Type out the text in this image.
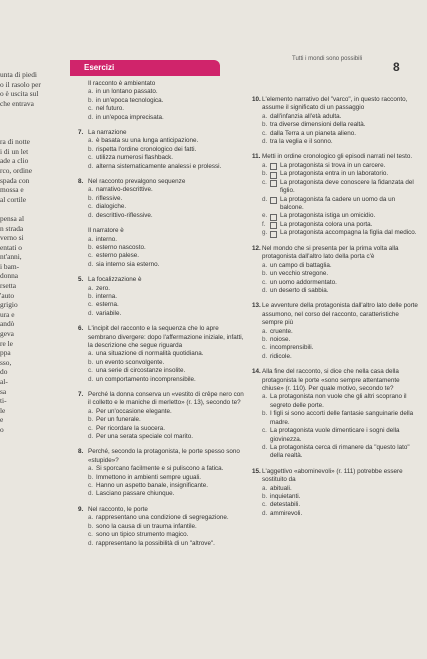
unta di piedi
o il rasolo per
o è uscita sul
che entrava

ra di notte
i di un let
ade a clio
rco, ordine
spada con
mossa e
al cortile

pensa al
n strada
verno si
entati o
nt'anni,
i bam-
donna
rsetta
'auto
grigio
ura e
andò
geva
re le
ppa
sso,
do
al-
sa
ti-
le
e
o
Esercizi
Tutti i mondi sono possibili
8
Il racconto è ambientato
a. in un lontano passato.
b. in un'epoca tecnologica.
c. nel futuro.
d. in un'epoca imprecisata.
7. La narrazione
a. è basata su una lunga anticipazione.
b. rispetta l'ordine cronologico dei fatti.
c. utilizza numerosi flashback.
d. alterna sistematicamente analessi e prolessi.
8. Nel racconto prevalgono sequenze
a. narrativo-descrittive.
b. riflessive.
c. dialogiche.
d. descrittivo-riflessive.
Il narratore è
a. interno.
b. esterno nascosto.
c. esterno palese.
d. sia interno sia esterno.
5. La focalizzazione è
a. zero.
b. interna.
c. esterna.
d. variabile.
6. L'incipit del racconto e la sequenza che lo apre sembrano divergere: dopo l'affermazione iniziale, infatti, la descrizione che segue riguarda
a. una situazione di normalità quotidiana.
b. un evento sconvolgente.
c. una serie di circostanze insolite.
d. un comportamento incomprensibile.
7. Perché la donna conserva un «vestito di crêpe nero con il colletto e le maniche di merletto» (r. 13), secondo te?
a. Per un'occasione elegante.
b. Per un funerale.
c. Per ricordare la suocera.
d. Per una serata speciale col marito.
8. Perché, secondo la protagonista, le porte spesso sono «stupide»?
a. Si sporcano facilmente e si puliscono a fatica.
b. Immettono in ambienti sempre uguali.
c. Hanno un aspetto banale, insignificante.
d. Lasciano passare chiunque.
9. Nel racconto, le porte
a. rappresentano una condizione di segregazione.
b. sono la causa di un trauma infantile.
c. sono un tipico strumento magico.
d. rappresentano la possibilità di un "altrove".
10. L'elemento narrativo del "varco", in questo racconto, assume il significato di un passaggio
a. dall'infanzia all'età adulta.
b. tra diverse dimensioni della realtà.
c. dalla Terra a un pianeta alieno.
d. tra la veglia e il sonno.
11. Metti in ordine cronologico gli episodi narrati nel testo.
a.	La protagonista si trova in un carcere.
b.	La protagonista entra in un laboratorio.
c.	La protagonista deve conoscere la fidanzata del figlio.
d.	La protagonista fa cadere un uomo da un balcone.
e.	La protagonista istiga un omicidio.
f.	La protagonista colora una porta.
g.	La protagonista accompagna la figlia dal medico.
12. Nel mondo che si presenta per la prima volta alla protagonista dall'altro lato della porta c'è
a. un campo di battaglia.
b. un vecchio stregone.
c. un uomo addormentato.
d. un deserto di sabbia.
13. Le avventure della protagonista dall'altro lato delle porte assumono, nel corso del racconto, caratteristiche sempre più
a. cruente.
b. noiose.
c. incomprensibili.
d. ridicole.
14. Alla fine del racconto, si dice che nella casa della protagonista le porte «sono sempre attentamente chiuse» (r. 110). Per quale motivo, secondo te?
a. La protagonista non vuole che gli altri scoprano il segreto delle porte.
b. I figli si sono accorti delle fantasie sanguinarie della madre.
c. La protagonista vuole dimenticare i sogni della giovinezza.
d. La protagonista cerca di rimanere da "questo lato" della realtà.
15. L'aggettivo «abominevoli» (r. 111) potrebbe essere sostituito da
a. abituali.
b. inquietanti.
c. detestabili.
d. ammirevoli.
